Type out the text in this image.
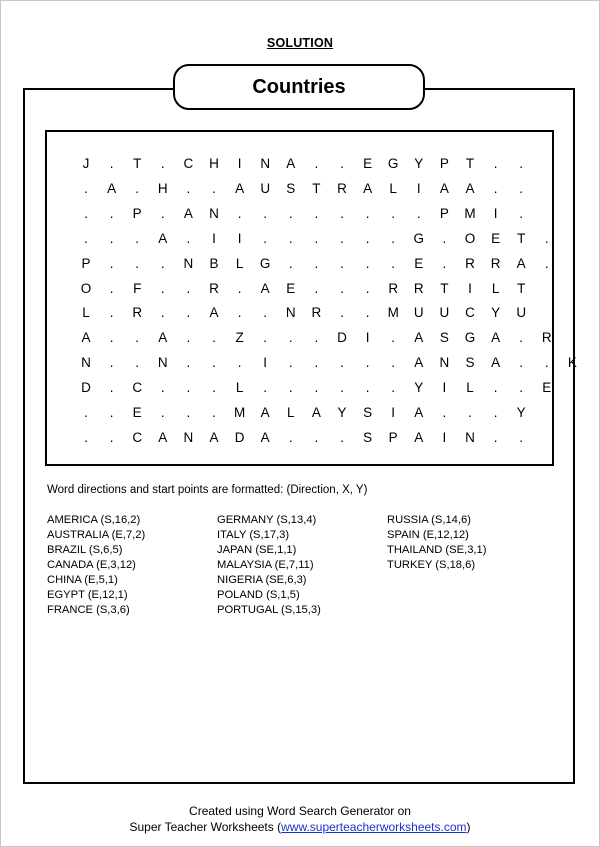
SOLUTION
Countries
J	.	T	.	C	H	I	N	A	.	.	E	G	Y	P	T	.	.
.	A	.	H	.	.	A	U	S	T	R	A	L	I	A	A	.	.
.	.	P	.	A	N	.	.	.	.	.	.	.	.	P	M	I	.
.	.	.	A	.	I	I	.	.	.	.	.	.	G	.	O	E	T	.
P	.	.	.	N	B	L	G	.	.	.	.	.	E	.	R	R	A	.
O	.	F	.	.	R	.	A	E	.	.	.	R	R	T	I	L	T
L	.	R	.	.	A	.	.	N	R	.	.	M	U	U	C	Y	U
A	.	.	A	.	.	Z	.	.	.	D	I	.	A	S	G	A	.	R
N	.	.	N	.	.	.	I	.	.	.	.	.	A	N	S	A	.	.	K
D	.	C	.	.	.	L	.	.	.	.	.	.	Y	I	L	.	.	E
.	.	E	.	.	.	M	A	L	A	Y	S	I	A	.	.	.	Y
.	.	C	A	N	A	D	A	.	.	.	S	P	A	I	N	.	.
Word directions and start points are formatted: (Direction, X, Y)
AMERICA (S,16,2)
AUSTRALIA (E,7,2)
BRAZIL (S,6,5)
CANADA (E,3,12)
CHINA (E,5,1)
EGYPT (E,12,1)
FRANCE (S,3,6)
GERMANY (S,13,4)
ITALY (S,17,3)
JAPAN (SE,1,1)
MALAYSIA (E,7,11)
NIGERIA (SE,6,3)
POLAND (S,1,5)
PORTUGAL (S,15,3)
RUSSIA (S,14,6)
SPAIN (E,12,12)
THAILAND (SE,3,1)
TURKEY (S,18,6)
Created using Word Search Generator on
Super Teacher Worksheets (www.superteacherworksheets.com)
